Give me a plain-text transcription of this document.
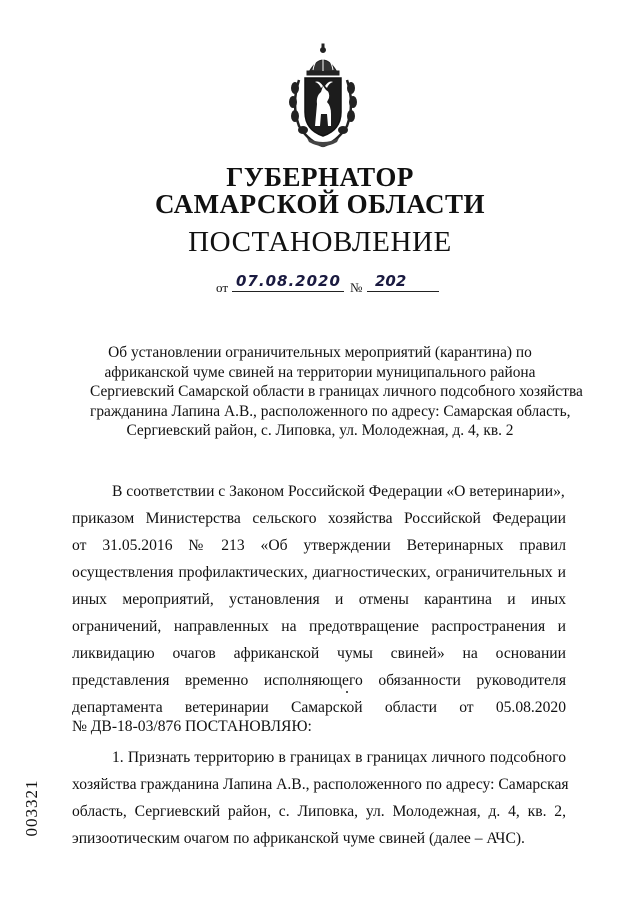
ГУБЕРНАТОР
САМАРСКОЙ ОБЛАСТИ
ПОСТАНОВЛЕНИЕ
от 07.08.2020 № 202
Об установлении ограничительных мероприятий (карантина) по
африканской чуме свиней на территории муниципального района
Сергиевский Самарской области в границах личного подсобного хозяйства
гражданина Лапина А.В., расположенного по адресу: Самарская область,
Сергиевский район, с. Липовка, ул. Молодежная, д. 4, кв. 2
В соответствии с Законом Российской Федерации «О ветеринарии»,
приказом Министерства сельского хозяйства Российской Федерации
от 31.05.2016 № 213 «Об утверждении Ветеринарных правил
осуществления профилактических, диагностических, ограничительных и
иных мероприятий, установления и отмены карантина и иных
ограничений, направленных на предотвращение распространения и
ликвидацию очагов африканской чумы свиней» на основании
представления временно исполняющего обязанности руководителя
департамента ветеринарии Самарской области от 05.08.2020
№ ДВ-18-03/876 ПОСТАНОВЛЯЮ:
1. Признать территорию в границах в границах личного подсобного
хозяйства гражданина Лапина А.В., расположенного по адресу: Самарская
область, Сергиевский район, с. Липовка, ул. Молодежная, д. 4, кв. 2,
эпизоотическим очагом по африканской чуме свиней (далее – АЧС).
003321
